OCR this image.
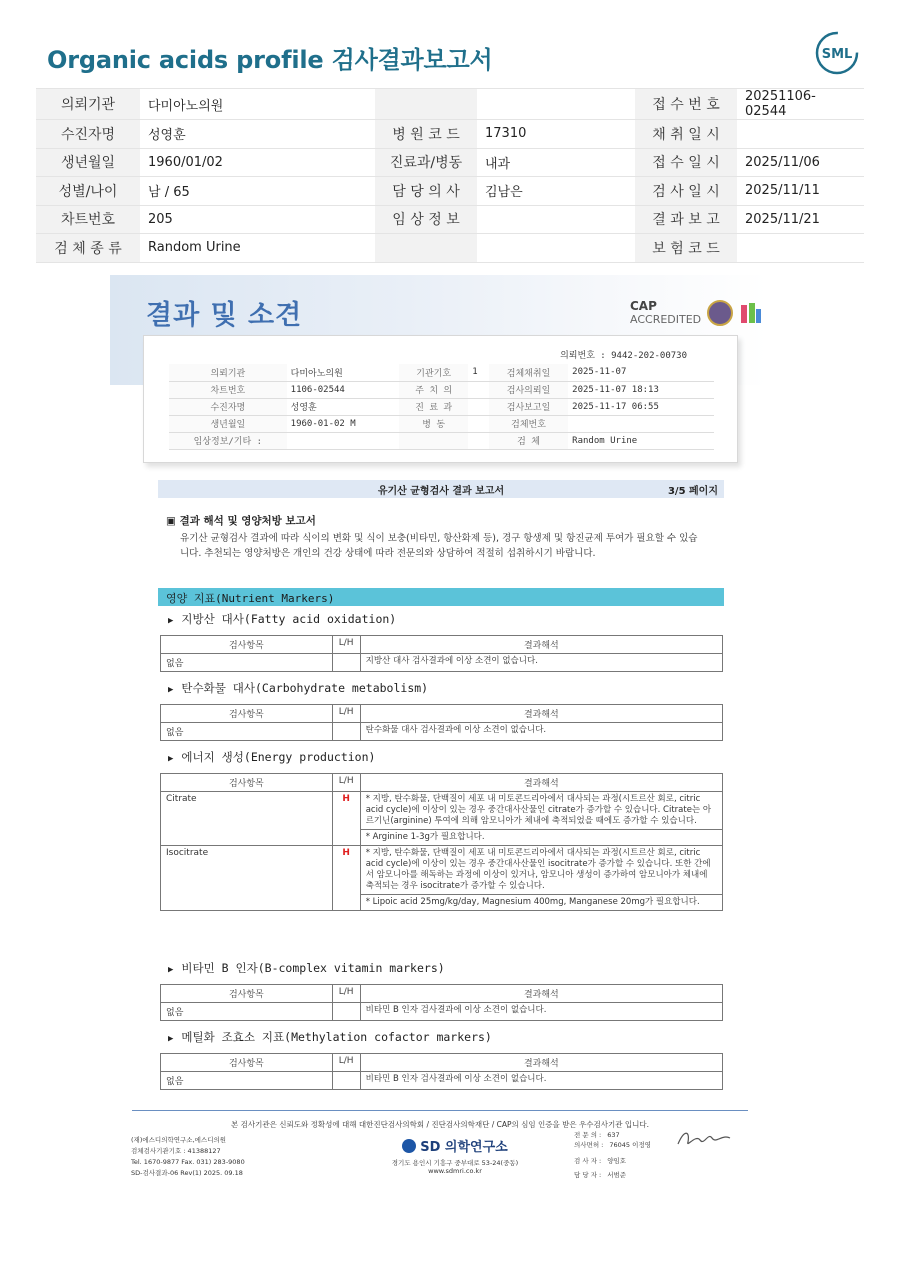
Organic acids profile 검사결과보고서	SML
의뢰기관	다미아노의원			접 수 번 호	20251106-02544
수진자명	성영훈	병 원 코 드	17310	채 취 일 시	
생년월일	1960/01/02	진료과/병동	내과	접 수 일 시	2025/11/06
성별/나이	남 / 65	담 당 의 사	김남은	검 사 일 시	2025/11/11
차트번호	205	임 상 정 보		결 과 보 고	2025/11/21
검 체 종 류	Random Urine			보 험 코 드	
결과 및 소견	CAP
ACCREDITED
의뢰번호 : 9442-202-00730
의뢰기관	다미아노의원	기관기호	1	검체채취일	2025-11-07
차트번호	1106-02544	주 치 의		검사의뢰일	2025-11-07 18:13
수진자명	성영훈	진 료 과		검사보고일	2025-11-17 06:55
생년월일	1960-01-02 M	병 동		검체번호	
임상정보/기타 :				검 체	Random Urine
유기산 균형검사 결과 보고서	3/5 페이지
▣ 결과 해석 및 영양처방 보고서
유기산 균형검사 결과에 따라 식이의 변화 및 식이 보충(비타민, 항산화제 등), 경구 항생제 및 항진균제 투여가 필요할 수 있습니다. 추천되는 영양처방은 개인의 건강 상태에 따라 전문의와 상담하여 적절히 섭취하시기 바랍니다.
영양 지표(Nutrient Markers)
▶ 지방산 대사(Fatty acid oxidation)
검사항목	L/H	결과해석
없음		지방산 대사 검사결과에 이상 소견이 없습니다.
▶ 탄수화물 대사(Carbohydrate metabolism)
검사항목	L/H	결과해석
없음		탄수화물 대사 검사결과에 이상 소견이 없습니다.
▶ 에너지 생성(Energy production)
검사항목	L/H	결과해석
Citrate	H	* 지방, 탄수화물, 단백질이 세포 내 미토콘드리아에서 대사되는 과정(시트르산 회로, citric acid cycle)에 이상이 있는 경우 중간대사산물인 citrate가 증가할 수 있습니다. Citrate는 아르기닌(arginine) 투여에 의해 암모니아가 체내에 축적되었을 때에도 증가할 수 있습니다.
		* Arginine 1-3g가 필요합니다.
Isocitrate	H	* 지방, 탄수화물, 단백질이 세포 내 미토콘드리아에서 대사되는 과정(시트르산 회로, citric acid cycle)에 이상이 있는 경우 중간대사산물인 isocitrate가 증가할 수 있습니다. 또한 간에서 암모니아를 해독하는 과정에 이상이 있거나, 암모니아 생성이 증가하여 암모니아가 체내에 축적되는 경우 isocitrate가 증가할 수 있습니다.
		* Lipoic acid 25mg/kg/day, Magnesium 400mg, Manganese 20mg가 필요합니다.
▶ 비타민 B 인자(B-complex vitamin markers)
검사항목	L/H	결과해석
없음		비타민 B 인자 검사결과에 이상 소견이 없습니다.
▶ 메틸화 조효소 지표(Methylation cofactor markers)
검사항목	L/H	결과해석
없음		비타민 B 인자 검사결과에 이상 소견이 없습니다.
본 검사기관은 신뢰도와 정확성에 대해 대한진단검사의학회 / 진단검사의학재단 / CAP의 심임 인증을 받은 우수검사기관 입니다.
(재)에스디의학연구소,에스디의원
검체검사기관기호 : 41388127
Tel. 1670-9877 Fax. 031) 283-9080
SD-검사결과-06 Rev(1) 2025. 09.18
SD 의학연구소
경기도 용인시 기흥구 중부대로 53-24(중동)
www.sdmri.co.kr
전 문 의 : 637
의사면허 : 76045 이정영
검 사 자 : 양임호
담 당 자 : 서범준
